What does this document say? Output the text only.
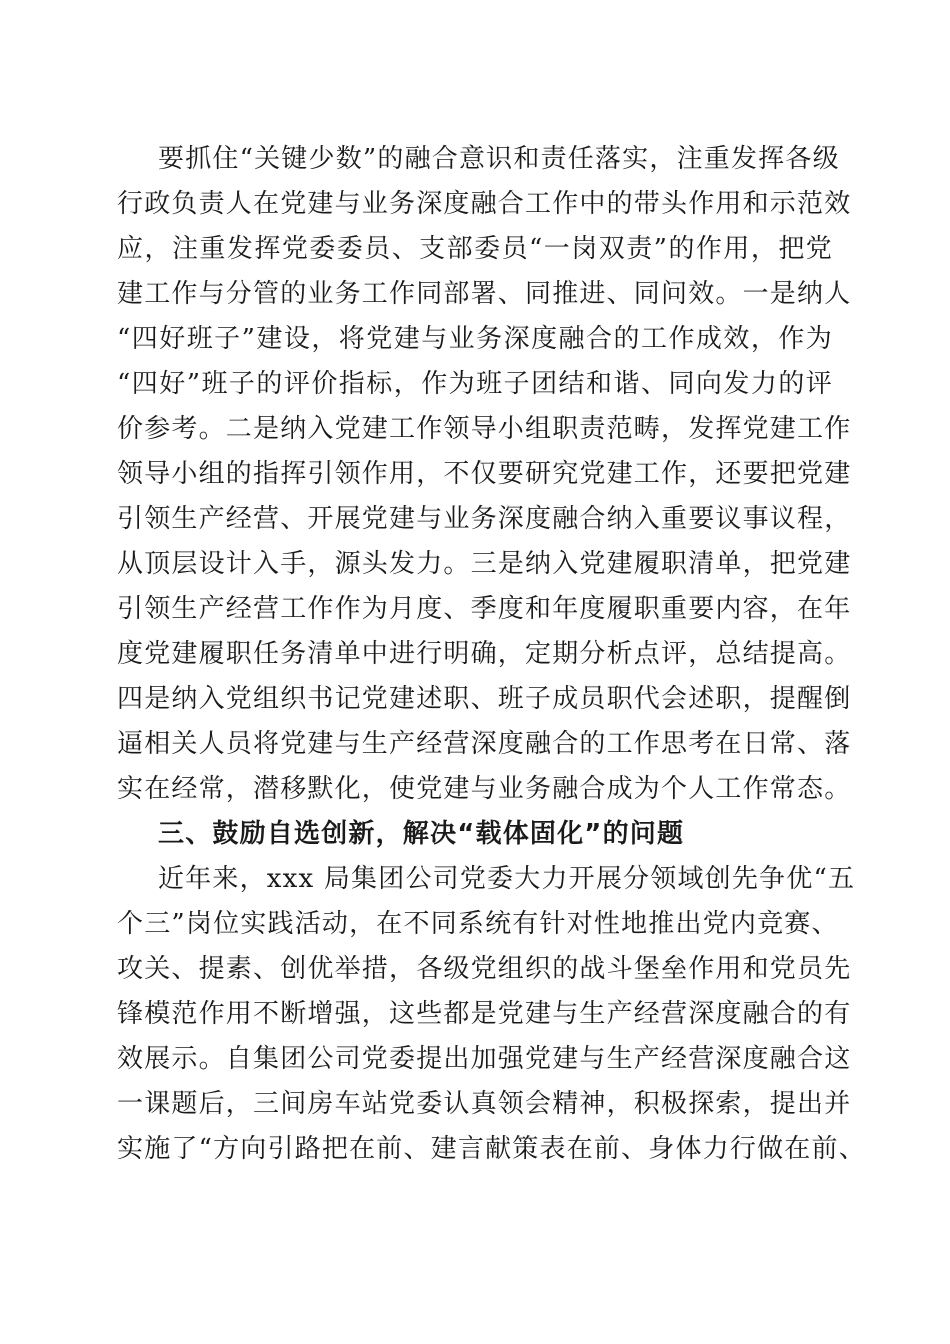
要抓住“关键少数”的融合意识和责任落实，注重发挥各级
行政负责人在党建与业务深度融合工作中的带头作用和示范效
应，注重发挥党委委员、支部委员“一岗双责”的作用，把党
建工作与分管的业务工作同部署、同推进、同问效。一是纳人
“四好班子”建设，将党建与业务深度融合的工作成效，作为
“四好”班子的评价指标，作为班子团结和谐、同向发力的评
价参考。二是纳入党建工作领导小组职责范畴，发挥党建工作
领导小组的指挥引领作用，不仅要研究党建工作，还要把党建
引领生产经营、开展党建与业务深度融合纳入重要议事议程，
从顶层设计入手，源头发力。三是纳入党建履职清单，把党建
引领生产经营工作作为月度、季度和年度履职重要内容，在年
度党建履职任务清单中进行明确，定期分析点评，总结提高。
四是纳入党组织书记党建述职、班子成员职代会述职，提醒倒
逼相关人员将党建与生产经营深度融合的工作思考在日常、落
实在经常，潜移默化，使党建与业务融合成为个人工作常态。
三、鼓励自选创新，解决“载体固化”的问题
近年来，xxx 局集团公司党委大力开展分领域创先争优“五
个三”岗位实践活动，在不同系统有针对性地推出党内竞赛、
攻关、提素、创优举措，各级党组织的战斗堡垒作用和党员先
锋模范作用不断增强，这些都是党建与生产经营深度融合的有
效展示。自集团公司党委提出加强党建与生产经营深度融合这
一课题后，三间房车站党委认真领会精神，积极探索，提出并
实施了“方向引路把在前、建言献策表在前、身体力行做在前、
